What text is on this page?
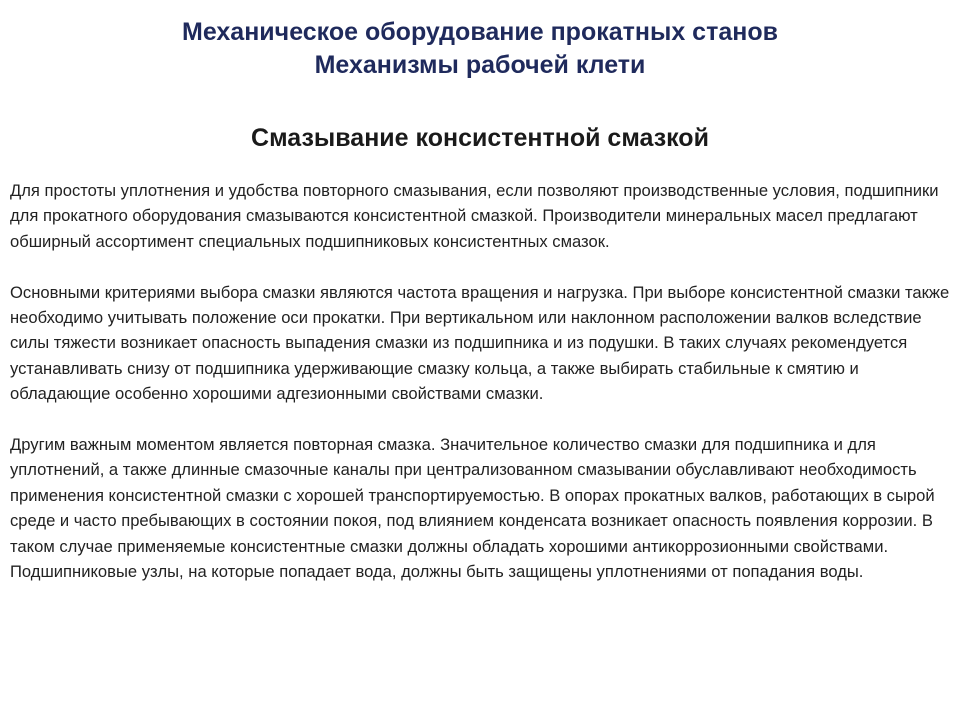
Механическое оборудование прокатных станов
Механизмы рабочей клети
Смазывание консистентной смазкой

Для простоты уплотнения и удобства повторного смазывания, если позволяют производственные условия, подшипники для прокатного оборудования смазываются консистентной смазкой. Производители минеральных масел предлагают обширный ассортимент специальных подшипниковых консистентных смазок.

Основными критериями выбора смазки являются частота вращения и нагрузка. При выборе консистентной смазки также необходимо учитывать положение оси прокатки. При вертикальном или наклонном расположении валков вследствие силы тяжести возникает опасность выпадения смазки из подшипника и из подушки. В таких случаях рекомендуется устанавливать снизу от подшипника удерживающие смазку кольца, а также выбирать стабильные к смятию и обладающие особенно хорошими адгезионными свойствами смазки.

Другим важным моментом является повторная смазка. Значительное количество смазки для подшипника и для уплотнений, а также длинные смазочные каналы при централизованном смазывании обуславливают необходимость применения консистентной смазки с хорошей транспортируемостью. В опорах прокатных валков, работающих в сырой среде и часто пребывающих в состоянии покоя, под влиянием конденсата возникает опасность появления коррозии. В таком случае применяемые консистентные смазки должны обладать хорошими антикоррозионными свойствами. Подшипниковые узлы, на которые попадает вода, должны быть защищены уплотнениями от попадания воды.
